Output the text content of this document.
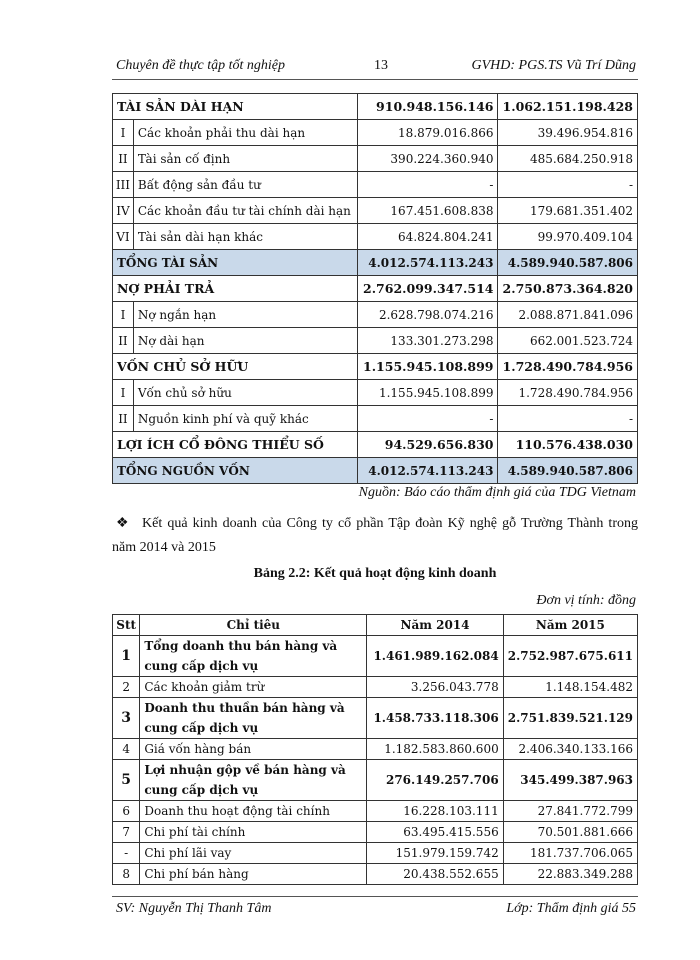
Chuyên đề thực tập tốt nghiệp	13	GVHD: PGS.TS Vũ Trí Dũng
TÀI SẢN DÀI HẠN		910.948.156.146	1.062.151.198.428
I	Các khoản phải thu dài hạn	18.879.016.866	39.496.954.816
II	Tài sản cố định	390.224.360.940	485.684.250.918
III	Bất động sản đầu tư	-	-
IV	Các khoản đầu tư tài chính dài hạn	167.451.608.838	179.681.351.402
VI	Tài sản dài hạn khác	64.824.804.241	99.970.409.104
TỔNG TÀI SẢN		4.012.574.113.243	4.589.940.587.806
NỢ PHẢI TRẢ		2.762.099.347.514	2.750.873.364.820
I	Nợ ngắn hạn	2.628.798.074.216	2.088.871.841.096
II	Nợ dài hạn	133.301.273.298	662.001.523.724
VỐN CHỦ SỞ HỮU		1.155.945.108.899	1.728.490.784.956
I	Vốn chủ sở hữu	1.155.945.108.899	1.728.490.784.956
II	Nguồn kinh phí và quỹ khác	-	-
LỢI ÍCH CỔ ĐÔNG THIỂU SỐ		94.529.656.830	110.576.438.030
TỔNG NGUỒN VỐN		4.012.574.113.243	4.589.940.587.806
Nguồn: Báo cáo thẩm định giá của TDG Vietnam
❖ Kết quả kinh doanh của Công ty cổ phần Tập đoàn Kỹ nghệ gỗ Trường Thành trong năm 2014 và 2015
Bảng 2.2: Kết quả hoạt động kinh doanh
Đơn vị tính: đồng
Stt	Chỉ tiêu	Năm 2014	Năm 2015
1	Tổng doanh thu bán hàng và cung cấp dịch vụ	1.461.989.162.084	2.752.987.675.611
2	Các khoản giảm trừ	3.256.043.778	1.148.154.482
3	Doanh thu thuần bán hàng và cung cấp dịch vụ	1.458.733.118.306	2.751.839.521.129
4	Giá vốn hàng bán	1.182.583.860.600	2.406.340.133.166
5	Lợi nhuận gộp về bán hàng và cung cấp dịch vụ	276.149.257.706	345.499.387.963
6	Doanh thu hoạt động tài chính	16.228.103.111	27.841.772.799
7	Chi phí tài chính	63.495.415.556	70.501.881.666
-	Chi phí lãi vay	151.979.159.742	181.737.706.065
8	Chi phí bán hàng	20.438.552.655	22.883.349.288
SV: Nguyễn Thị Thanh Tâm	Lớp: Thẩm định giá 55
